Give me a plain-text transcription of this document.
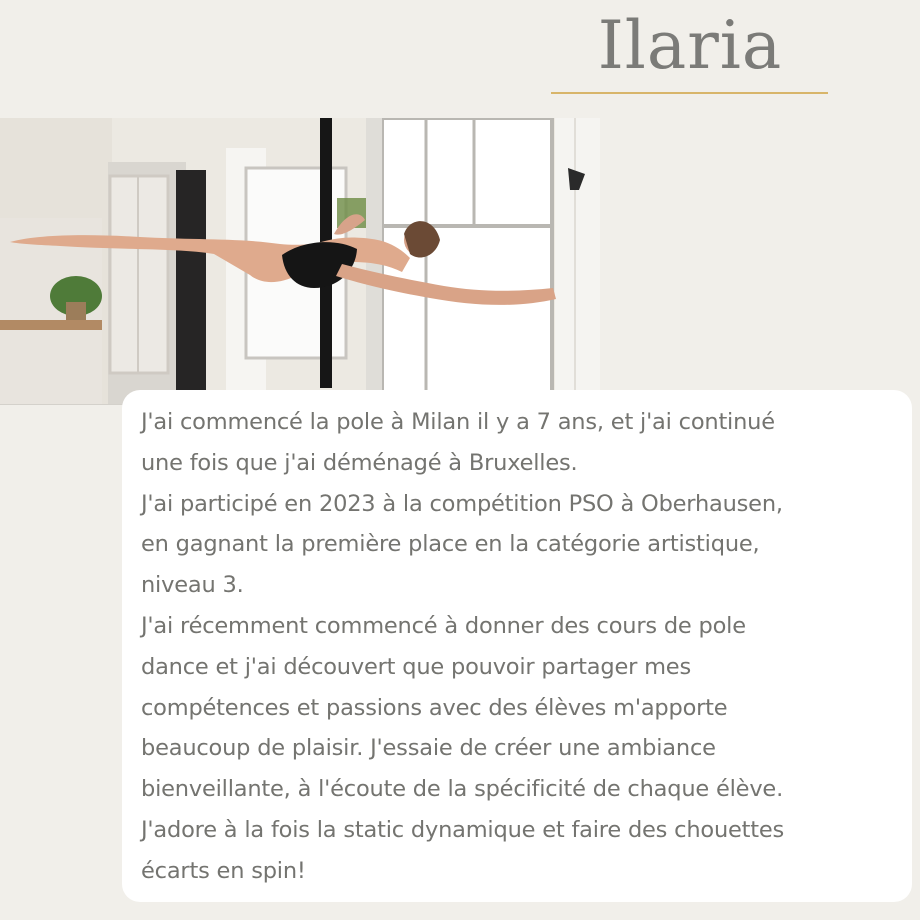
Ilaria

J'ai commencé la pole à Milan il y a 7 ans, et j'ai continué
une fois que j'ai déménagé à Bruxelles.
J'ai participé en 2023 à la compétition PSO à Oberhausen,
en gagnant la première place en la catégorie artistique,
niveau 3.
J'ai récemment commencé à donner des cours de pole
dance et j'ai découvert que pouvoir partager mes
compétences et passions avec des élèves m'apporte
beaucoup de plaisir. J'essaie de créer une ambiance
bienveillante, à l'écoute de la spécificité de chaque élève.
J'adore à la fois la static dynamique et faire des chouettes
écarts en spin!
